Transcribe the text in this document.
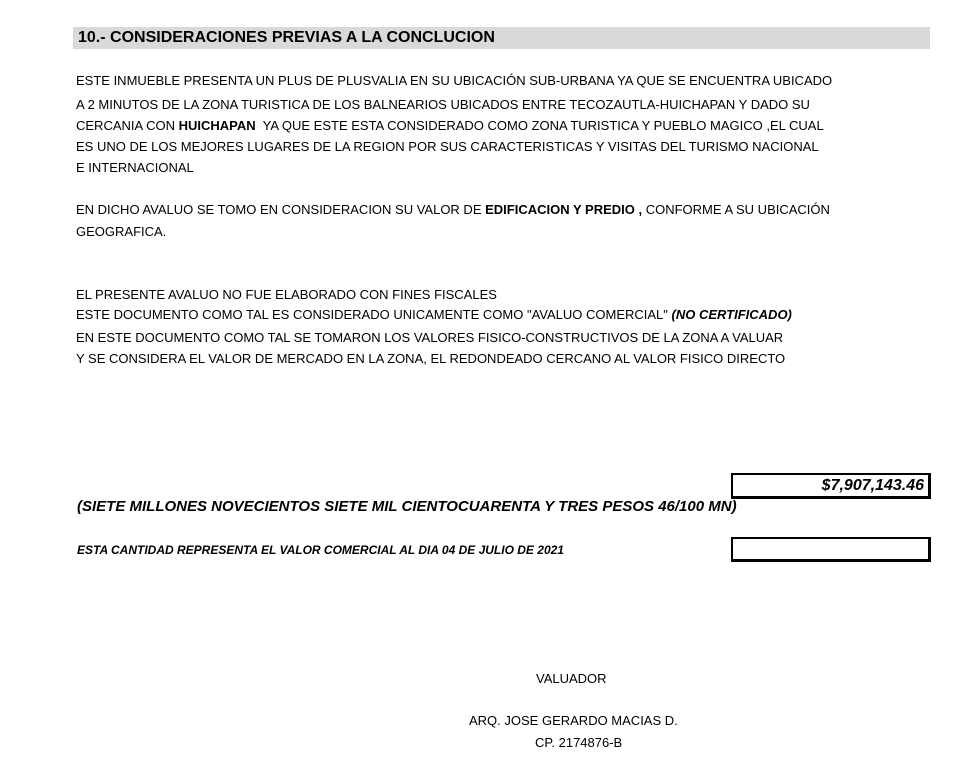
10.- CONSIDERACIONES PREVIAS A LA CONCLUCION
ESTE INMUEBLE PRESENTA UN PLUS DE PLUSVALIA EN SU UBICACIÓN SUB-URBANA YA QUE SE ENCUENTRA UBICADO
A 2 MINUTOS DE LA ZONA TURISTICA DE LOS BALNEARIOS UBICADOS ENTRE TECOZAUTLA-HUICHAPAN Y DADO SU
CERCANIA CON HUICHAPAN  YA QUE ESTE ESTA CONSIDERADO COMO ZONA TURISTICA Y PUEBLO MAGICO ,EL CUAL
ES UNO DE LOS MEJORES LUGARES DE LA REGION POR SUS CARACTERISTICAS Y VISITAS DEL TURISMO NACIONAL
E INTERNACIONAL
EN DICHO AVALUO SE TOMO EN CONSIDERACION SU VALOR DE EDIFICACION Y PREDIO , CONFORME A SU UBICACIÓN
GEOGRAFICA.
EL PRESENTE AVALUO NO FUE ELABORADO CON FINES FISCALES
ESTE DOCUMENTO COMO TAL ES CONSIDERADO UNICAMENTE COMO "AVALUO COMERCIAL" (NO CERTIFICADO)
EN ESTE DOCUMENTO COMO TAL SE TOMARON LOS VALORES FISICO-CONSTRUCTIVOS DE LA ZONA A VALUAR
Y SE CONSIDERA EL VALOR DE MERCADO EN LA ZONA, EL REDONDEADO CERCANO AL VALOR FISICO DIRECTO
$7,907,143.46
(SIETE MILLONES NOVECIENTOS SIETE MIL CIENTOCUARENTA Y TRES PESOS 46/100 MN)
ESTA CANTIDAD REPRESENTA EL VALOR COMERCIAL AL DIA 04 DE JULIO DE 2021
VALUADOR
ARQ. JOSE GERARDO MACIAS D.
CP. 2174876-B
